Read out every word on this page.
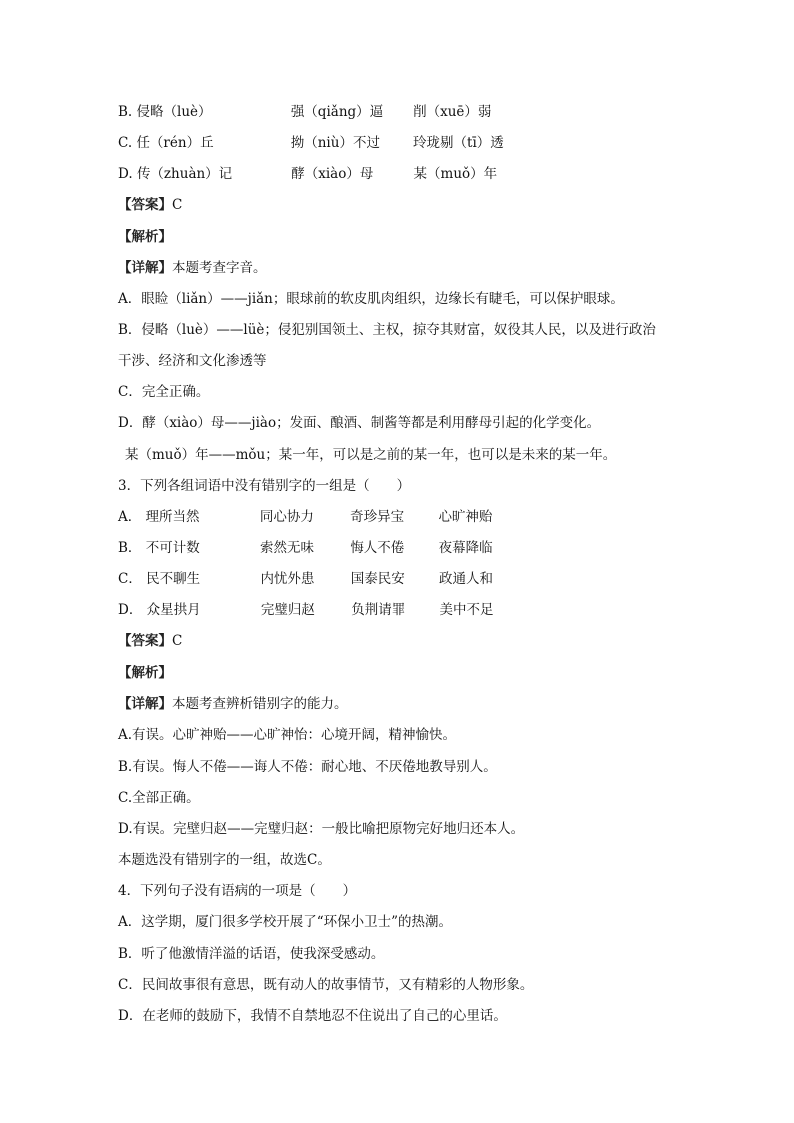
B. 侵略（luè）	强（qiǎng）逼 削（xuē）弱
C. 任（rén）丘	拗（niù）不过 玲珑剔（tī）透
D. 传（zhuàn）记	酵（xiào）母	某（muǒ）年
【答案】C
【解析】
【详解】本题考查字音。
A．眼睑（liǎn）——jiǎn；眼球前的软皮肌肉组织，边缘长有睫毛，可以保护眼球。
B．侵略（luè）——lüè；侵犯别国领土、主权，掠夺其财富，奴役其人民，以及进行政治
干涉、经济和文化渗透等
C．完全正确。
D．酵（xiào）母——jiào；发面、酿酒、制酱等都是利用酵母引起的化学变化。
某（muǒ）年——mǒu；某一年，可以是之前的某一年，也可以是未来的某一年。
3．下列各组词语中没有错别字的一组是（　　）
A． 理所当然	同心协力	奇珍异宝	心旷神贻
B． 不可计数	索然无味	悔人不倦	夜幕降临
C． 民不聊生	内忧外患	国泰民安	政通人和
D． 众星拱月	完璧归赵	负荆请罪	美中不足
【答案】C
【解析】
【详解】本题考查辨析错别字的能力。
A.有误。心旷神贻——心旷神怡：心境开阔，精神愉快。
B.有误。悔人不倦——诲人不倦：耐心地、不厌倦地教导别人。
C.全部正确。
D.有误。完壁归赵——完璧归赵：一般比喻把原物完好地归还本人。
本题选没有错别字的一组，故选C。
4．下列句子没有语病的一项是（　　）
A．这学期，厦门很多学校开展了“环保小卫士”的热潮。
B．听了他激情洋溢的话语，使我深受感动。
C．民间故事很有意思，既有动人的故事情节，又有精彩的人物形象。
D．在老师的鼓励下，我情不自禁地忍不住说出了自己的心里话。
